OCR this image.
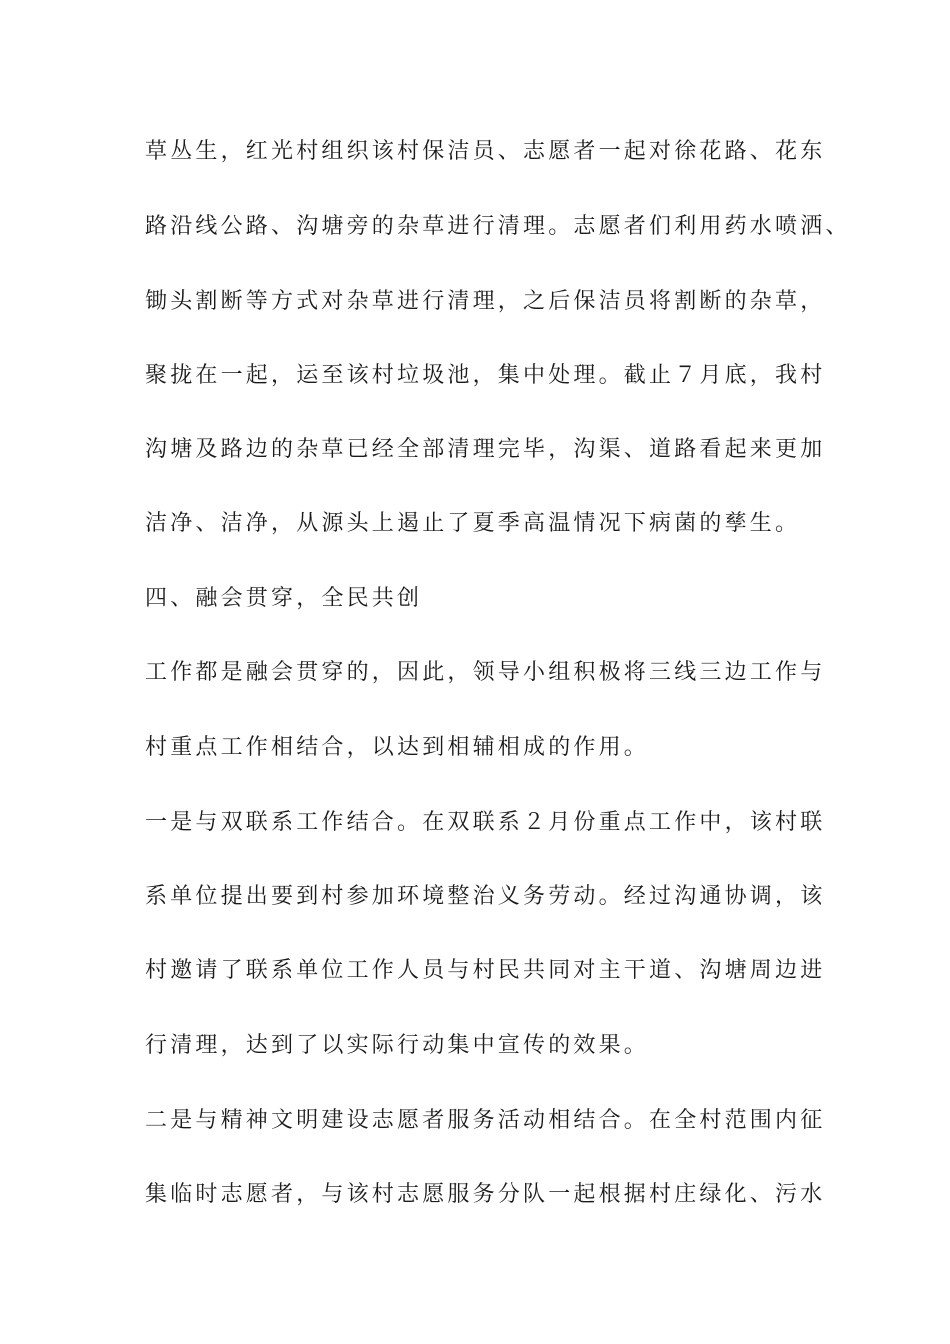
草丛生，红光村组织该村保洁员、志愿者一起对徐花路、花东
路沿线公路、沟塘旁的杂草进行清理。志愿者们利用药水喷洒、
锄头割断等方式对杂草进行清理，之后保洁员将割断的杂草，
聚拢在一起，运至该村垃圾池，集中处理。截止７月底，我村
沟塘及路边的杂草已经全部清理完毕，沟渠、道路看起来更加
洁净、洁净，从源头上遏止了夏季高温情况下病菌的孳生。
四、融会贯穿，全民共创
工作都是融会贯穿的，因此，领导小组积极将三线三边工作与
村重点工作相结合，以达到相辅相成的作用。
一是与双联系工作结合。在双联系２月份重点工作中，该村联
系单位提出要到村参加环境整治义务劳动。经过沟通协调，该
村邀请了联系单位工作人员与村民共同对主干道、沟塘周边进
行清理，达到了以实际行动集中宣传的效果。
二是与精神文明建设志愿者服务活动相结合。在全村范围内征
集临时志愿者，与该村志愿服务分队一起根据村庄绿化、污水
